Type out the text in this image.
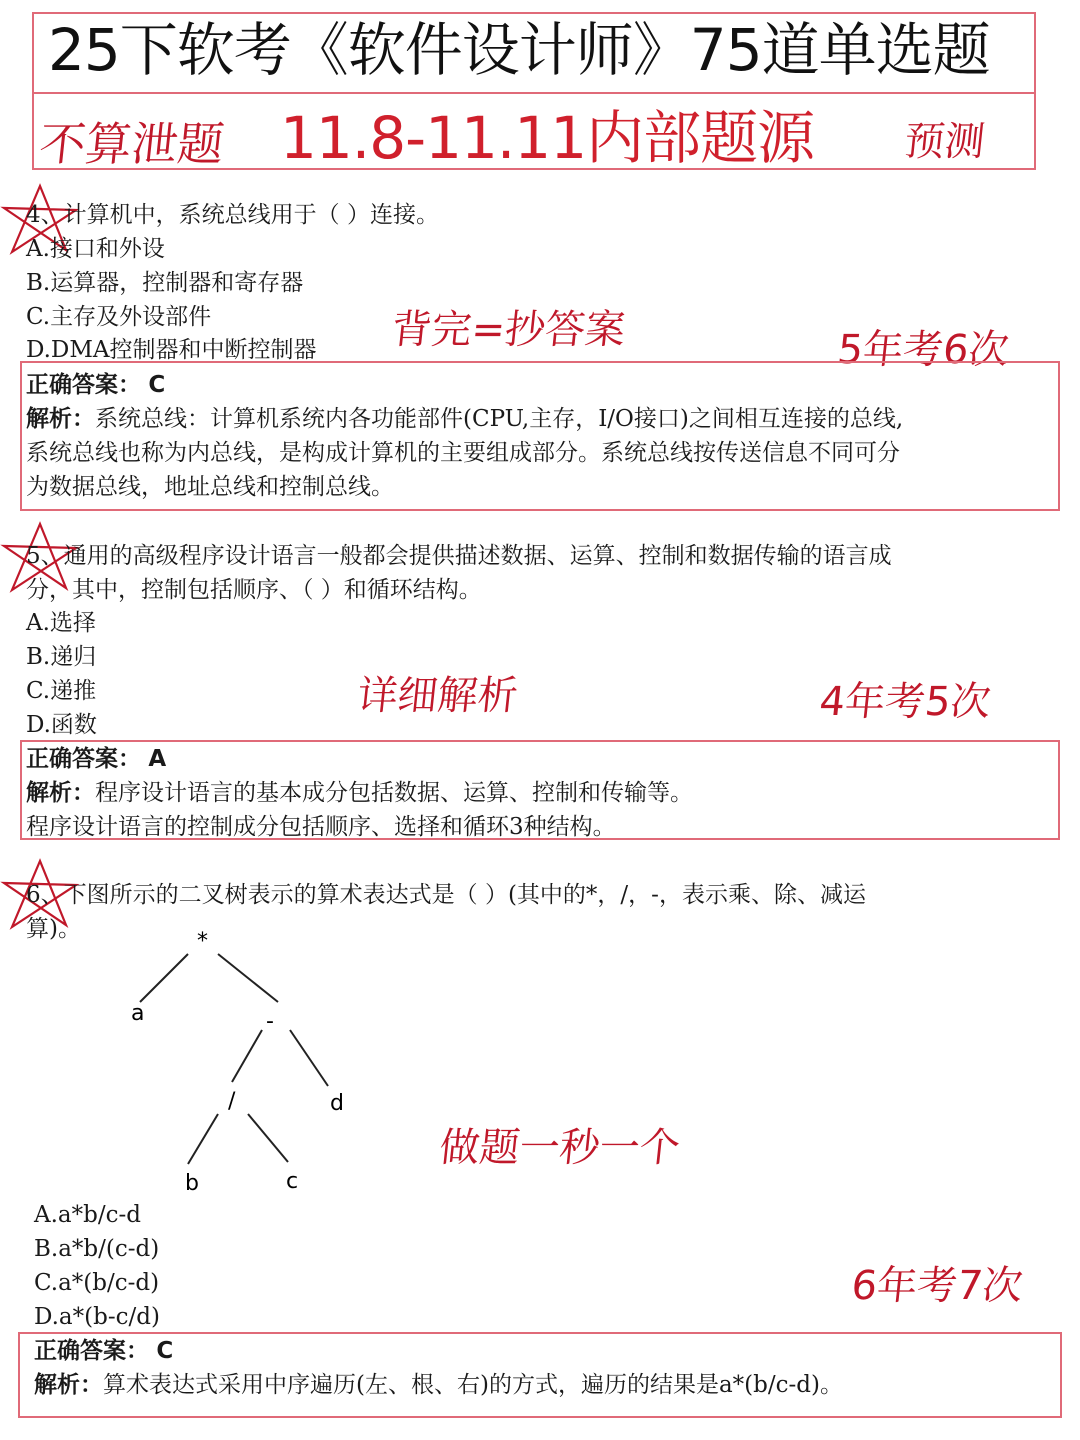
25下软考《软件设计师》75道单选题
不算泄题 11.8-11.11内部题源 预测
4、计算机中，系统总线用于（ ）连接。
A.接口和外设
B.运算器，控制器和寄存器
C.主存及外设部件
D.DMA控制器和中断控制器 背完=抄答案	5年考6次
正确答案： C
解析：系统总线：计算机系统内各功能部件(CPU,主存，I/O接口)之间相互连接的总线,
系统总线也称为内总线，是构成计算机的主要组成部分。系统总线按传送信息不同可分
为数据总线，地址总线和控制总线。
5、通用的高级程序设计语言一般都会提供描述数据、运算、控制和数据传输的语言成
分，其中，控制包括顺序、（ ）和循环结构。
A.选择
B.递归
C.递推
D.函数
详细解析	4年考5次
正确答案： A
解析：程序设计语言的基本成分包括数据、运算、控制和传输等。
程序设计语言的控制成分包括顺序、选择和循环3种结构。
6、下图所示的二叉树表示的算术表达式是（ ）(其中的*，/，-，表示乘、除、减运
算)。	*
a	-
/	d
b	c
做题一秒一个
A.a*b/c-d
B.a*b/(c-d)
C.a*(b/c-d)
D.a*(b-c/d)
6年考7次
正确答案： C
解析：算术表达式采用中序遍历(左、根、右)的方式，遍历的结果是a*(b/c-d)。
